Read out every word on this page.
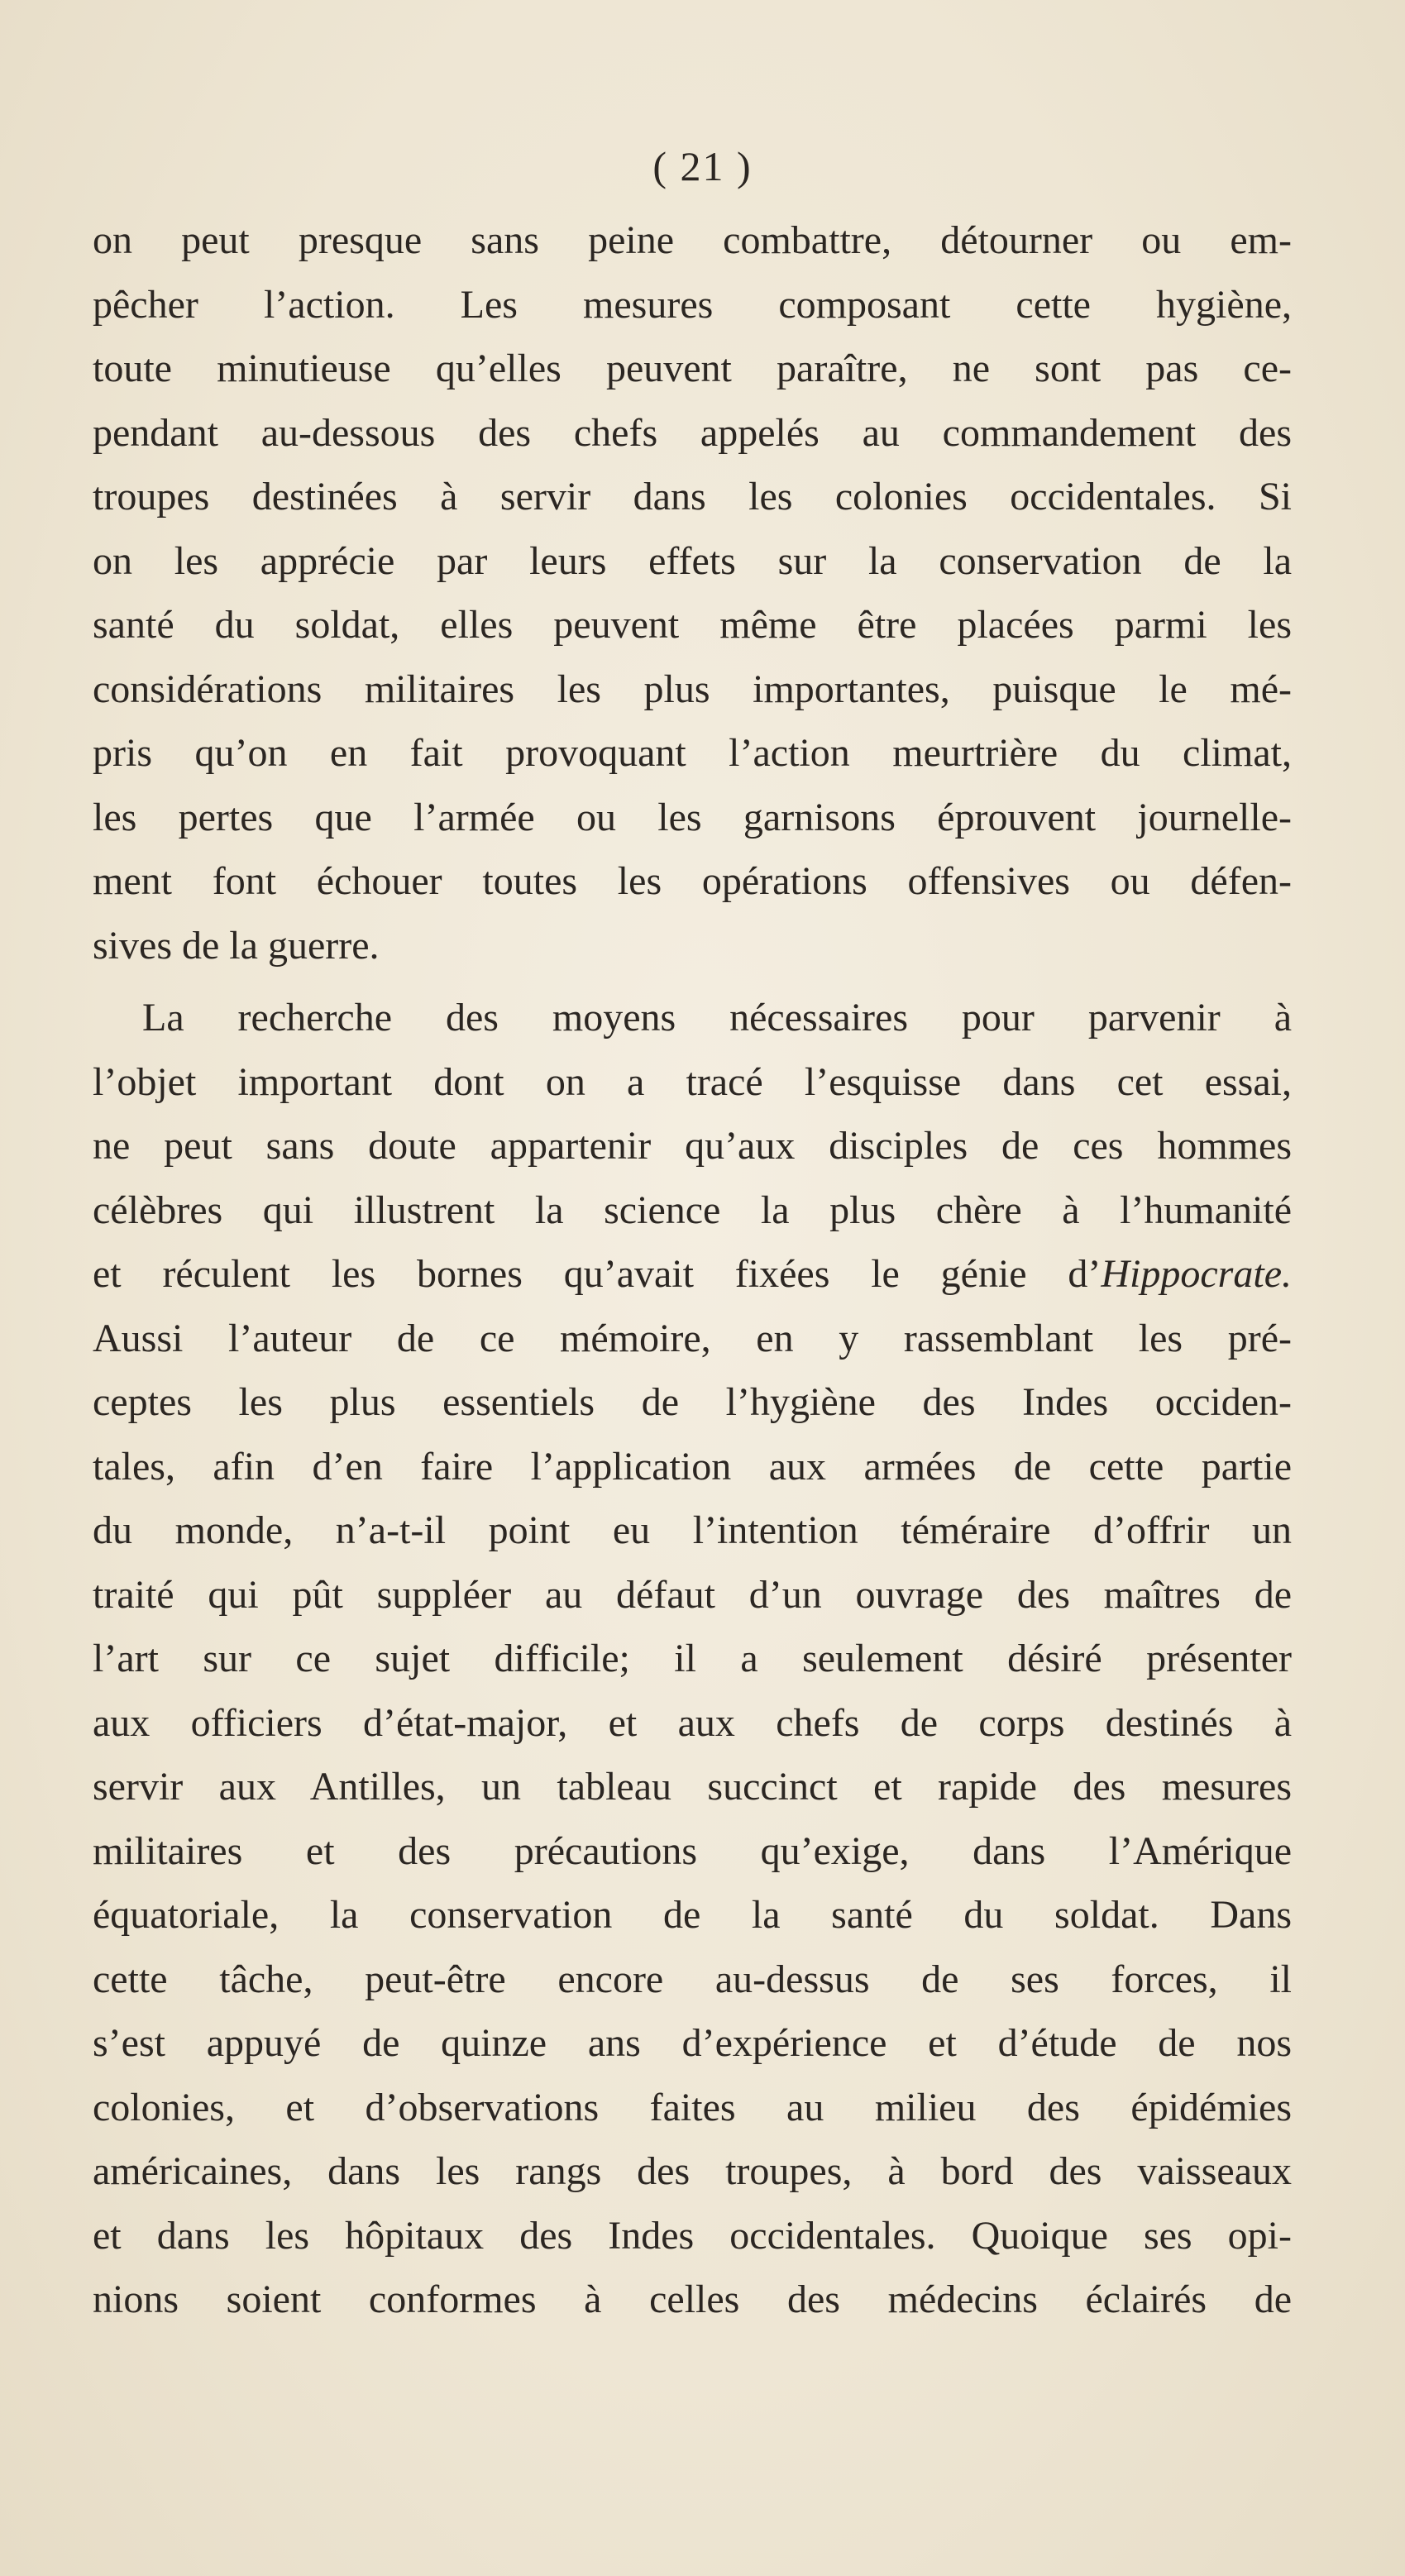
( 21 )
on peut presque sans peine combattre, détourner ou em-
pêcher l’action. Les mesures composant cette hygiène,
toute minutieuse qu’elles peuvent paraître, ne sont pas ce-
pendant au-dessous des chefs appelés au commandement des
troupes destinées à servir dans les colonies occidentales. Si
on les apprécie par leurs effets sur la conservation de la
santé du soldat, elles peuvent même être placées parmi les
considérations militaires les plus importantes, puisque le mé-
pris qu’on en fait provoquant l’action meurtrière du climat,
les pertes que l’armée ou les garnisons éprouvent journelle-
ment font échouer toutes les opérations offensives ou défen-
sives de la guerre.
La recherche des moyens nécessaires pour parvenir à
l’objet important dont on a tracé l’esquisse dans cet essai,
ne peut sans doute appartenir qu’aux disciples de ces hommes
célèbres qui illustrent la science la plus chère à l’humanité
et réculent les bornes qu’avait fixées le génie d’Hippocrate.
Aussi l’auteur de ce mémoire, en y rassemblant les pré-
ceptes les plus essentiels de l’hygiène des Indes occiden-
tales, afin d’en faire l’application aux armées de cette partie
du monde, n’a-t-il point eu l’intention téméraire d’offrir un
traité qui pût suppléer au défaut d’un ouvrage des maîtres de
l’art sur ce sujet difficile; il a seulement désiré présenter
aux officiers d’état-major, et aux chefs de corps destinés à
servir aux Antilles, un tableau succinct et rapide des mesures
militaires et des précautions qu’exige, dans l’Amérique
équatoriale, la conservation de la santé du soldat. Dans
cette tâche, peut-être encore au-dessus de ses forces, il
s’est appuyé de quinze ans d’expérience et d’étude de nos
colonies, et d’observations faites au milieu des épidémies
américaines, dans les rangs des troupes, à bord des vaisseaux
et dans les hôpitaux des Indes occidentales. Quoique ses opi-
nions soient conformes à celles des médecins éclairés de
